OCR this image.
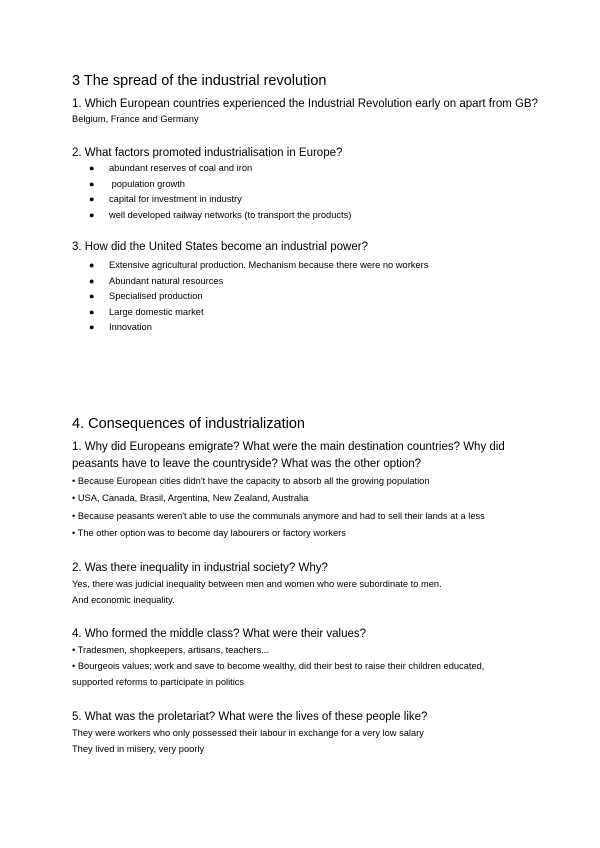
3 The spread of the industrial revolution
1. Which European countries experienced the Industrial Revolution early on apart from GB?
Belgium, France and Germany
2. What factors promoted industrialisation in Europe?
● abundant reserves of coal and iron
● population growth
● capital for investment in industry
● well developed railway networks (to transport the products)
3. How did the United States become an industrial power?
● Extensive agricultural production. Mechanism because there were no workers
● Abundant natural resources
● Specialised production
● Large domestic market
● Innovation
4. Consequences of industrialization
1. Why did Europeans emigrate? What were the main destination countries? Why did peasants have to leave the countryside? What was the other option?
• Because European cities didn't have the capacity to absorb all the growing population
• USA, Canada, Brasil, Argentina, New Zealand, Australia
• Because peasants weren't able to use the communals anymore and had to sell their lands at a less
• The other option was to become day labourers or factory workers
2. Was there inequality in industrial society? Why?
Yes, there was judicial inequality between men and women who were subordinate to men.
And economic inequality.
4. Who formed the middle class? What were their values?
• Tradesmen, shopkeepers, artisans, teachers...
• Bourgeois values; work and save to become wealthy, did their best to raise their children educated,
supported reforms to participate in politics
5. What was the proletariat? What were the lives of these people like?
They were workers who only possessed their labour in exchange for a very low salary
They lived in misery, very poorly
